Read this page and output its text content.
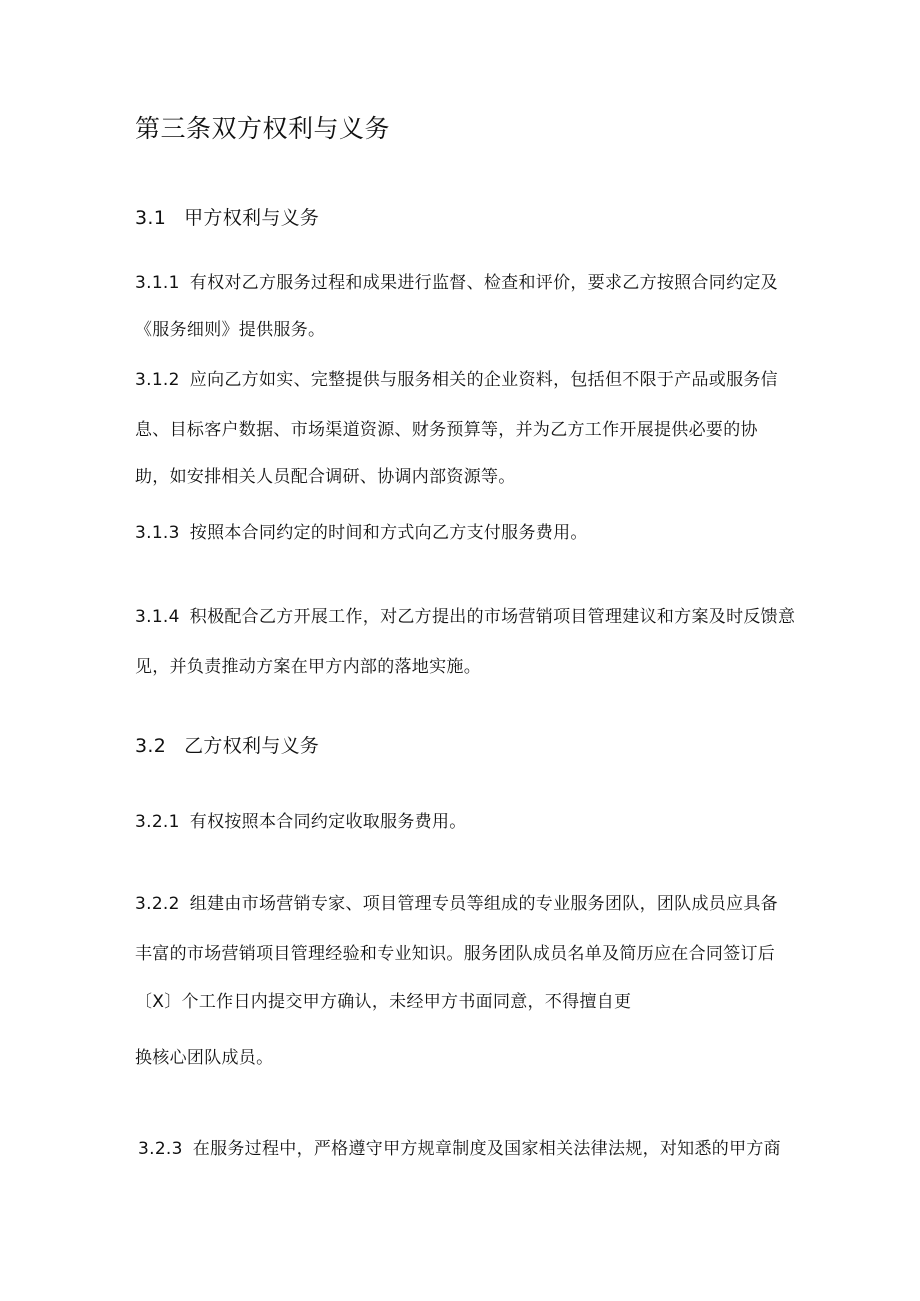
第三条双方权利与义务
3.1 甲方权利与义务
3.1.1 有权对乙方服务过程和成果进行监督、检查和评价，要求乙方按照合同约定及
《服务细则》提供服务。
3.1.2 应向乙方如实、完整提供与服务相关的企业资料，包括但不限于产品或服务信
息、目标客户数据、市场渠道资源、财务预算等，并为乙方工作开展提供必要的协
助，如安排相关人员配合调研、协调内部资源等。
3.1.3 按照本合同约定的时间和方式向乙方支付服务费用。
3.1.4 积极配合乙方开展工作，对乙方提出的市场营销项目管理建议和方案及时反馈意
见，并负责推动方案在甲方内部的落地实施。
3.2 乙方权利与义务
3.2.1 有权按照本合同约定收取服务费用。
3.2.2 组建由市场营销专家、项目管理专员等组成的专业服务团队，团队成员应具备
丰富的市场营销项目管理经验和专业知识。服务团队成员名单及简历应在合同签订后
〔X〕个工作日内提交甲方确认，未经甲方书面同意，不得擅自更
换核心团队成员。
3.2.3 在服务过程中，严格遵守甲方规章制度及国家相关法律法规，对知悉的甲方商
